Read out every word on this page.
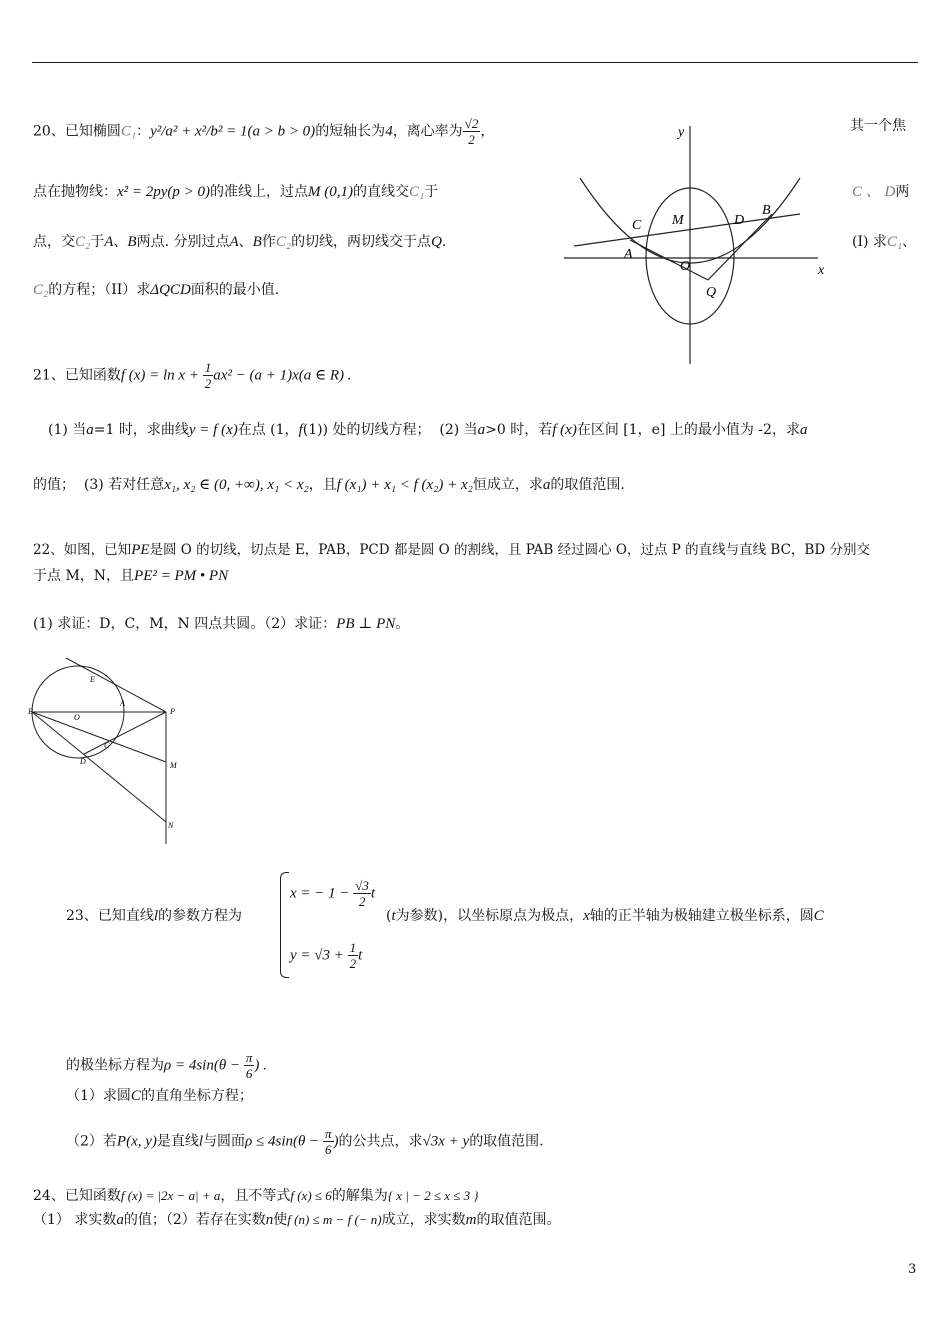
20、已知椭圆C₁：y²/a² + x²/b² = 1(a > b > 0)的短轴长为4，离心率为 $\frac{√2}{2}$ ，	其一个焦
点在抛物线：x² = 2py(p > 0)的准线上，过点M (0,1)的直线交C₁于	C 、 D两
点，交C₂于A、B两点. 分别过点A、B作C₂的切线，两切线交于点Q.	(I) 求C₁、
C₂的方程；（II）求ΔQCD面积的最小值.
y
x
C M	D
B
A
O
Q
21、已知函数f $(x) = \ln x + \frac{1}{2} ax^2 - (a + 1)x(a$ ∈ R) .
(1) 当a=1 时，求曲线y = f (x)在点 (1，f(1)) 处的切线方程； (2) 当a>0 时，若f (x)在区间 [1，e] 上的最小值为 -2，求a
的值； (3) 若对任意x₁, x₂ ∈ (0, +∞), x₁ < x₂，且f (x₁) + x₁ < f (x₂) + x₂恒成立，求a的取值范围.
22、如图，已知PE是圆 O 的切线，切点是 E，PAB，PCD 都是圆 O 的割线，且 PAB 经过圆心 O，过点 P 的直线与直线 BC，BD 分别交
于点 M，N，且PE² = PM • PN
(1) 求证：D，C，M，N 四点共圆。（2）求证：PB ⊥ PN。
E
B
O
A
P
C
D	M
N
x = − $1 - \frac{√3}{2}$ t
$y = √3 + \frac{1}{2}$ t
23、已知直线l的参数方程为	(t为参数)，以坐标原点为极点，x轴的正半轴为极轴建立极坐标系，圆C
的极坐标方程为$\rho = 4\sin(\theta - \frac{\pi}{6}$ ) .
（1）求圆C的直角坐标方程；
（2）若P(x, y)是直线l与圆面$\rho \le 4\sin(\theta - \frac{\pi}{6}$ )的公共点，求√3x + y的取值范围.
24、已知函数f (x) = |2x − a| + a，且不等式f (x) ≤ 6的解集为{ x | − 2 ≤ x ≤ 3 }
（1） 求实数a的值；（2）若存在实数n使f (n) ≤ m − f (− n)成立，求实数m的取值范围。
3
